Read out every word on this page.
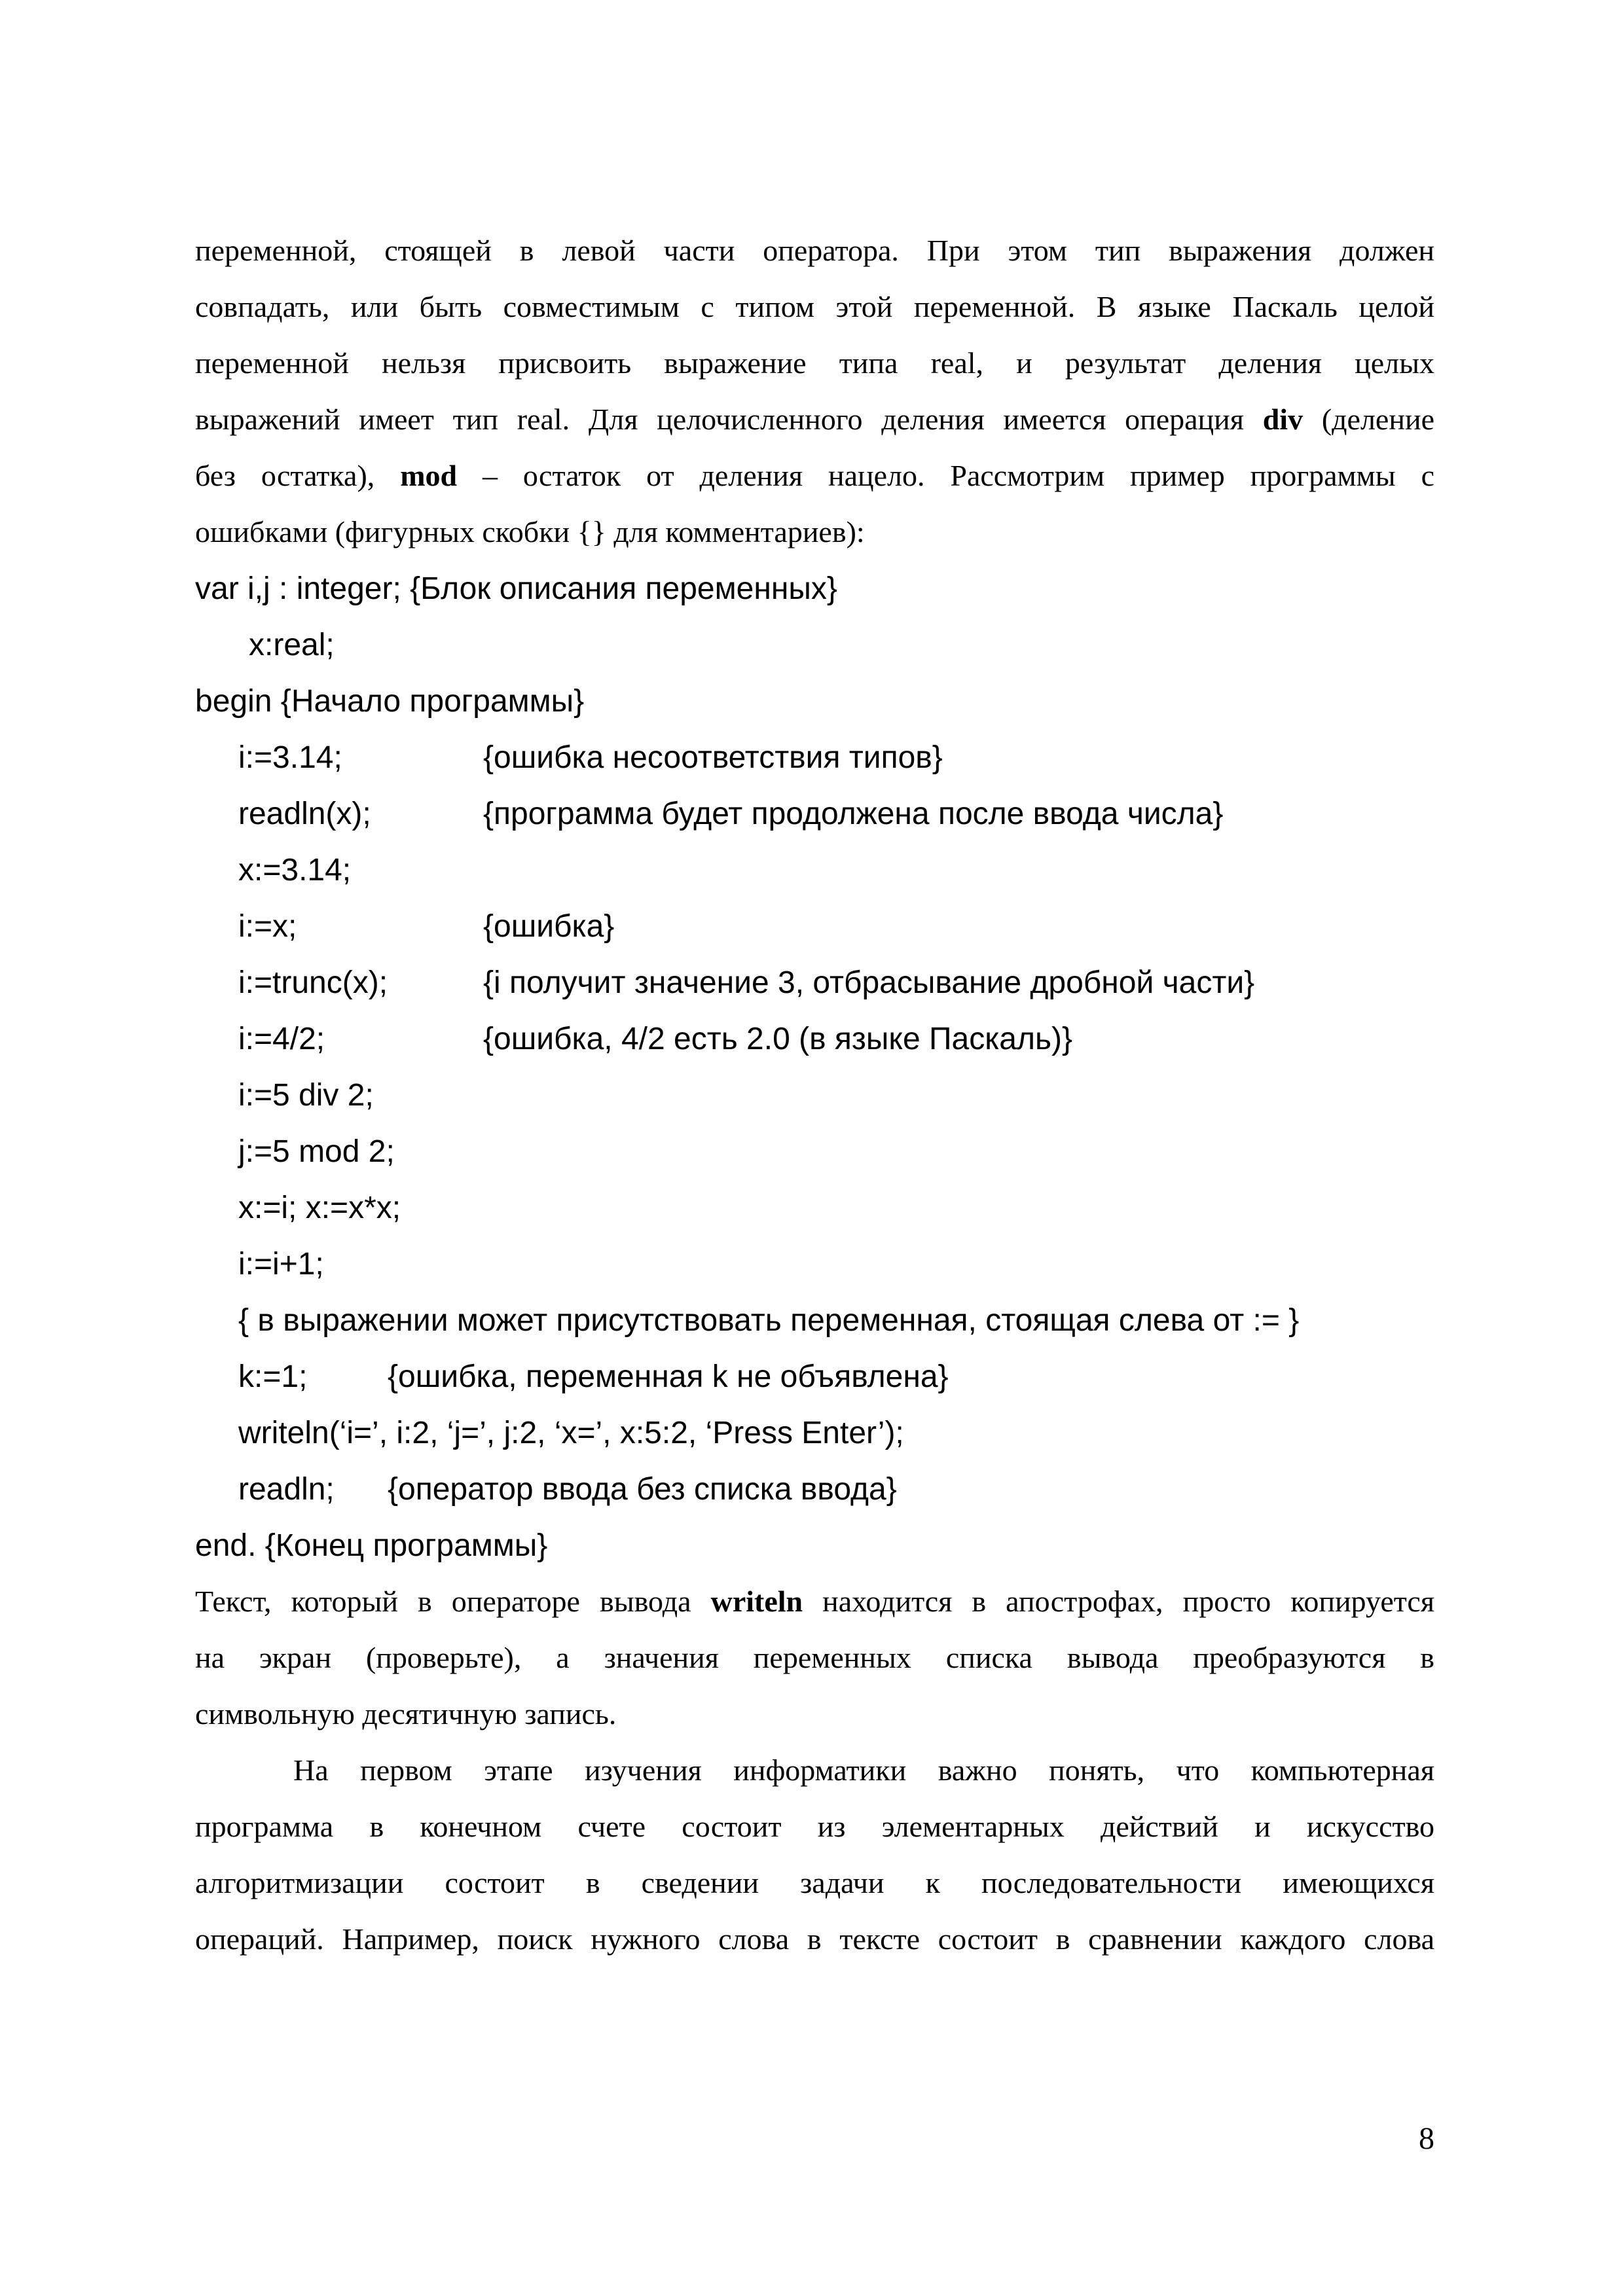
переменной, стоящей в левой части оператора. При этом тип выражения должен
совпадать, или быть совместимым с типом этой переменной. В языке Паскаль целой
переменной нельзя присвоить выражение типа real, и результат деления целых
выражений имеет тип real. Для целочисленного деления имеется операция div (деление
без остатка), mod – остаток от деления нацело. Рассмотрим пример программы с
ошибками (фигурных скобки {} для комментариев):
var i,j : integer; {Блок описания переменных}
x:real;
begin {Начало программы}
i:=3.14;	{ошибка несоответствия типов}
readln(x);	{программа будет продолжена после ввода числа}
x:=3.14;
i:=x;	{ошибка}
i:=trunc(x);	{i получит значение 3, отбрасывание дробной части}
i:=4/2;	{ошибка, 4/2 есть 2.0 (в языке Паскаль)}
i:=5 div 2;
j:=5 mod 2;
x:=i; x:=x*x;
i:=i+1;
{ в выражении может присутствовать переменная, стоящая слева от := }
k:=1;	{ошибка, переменная k не объявлена}
writeln(‘i=’, i:2, ‘j=’, j:2, ‘x=’, x:5:2, ‘Press Enter’);
readln; {оператор ввода без списка ввода}
end. {Конец программы}
Текст, который в операторе вывода writeln находится в апострофах, просто копируется
на экран (проверьте), а значения переменных списка вывода преобразуются в
символьную десятичную запись.
На первом этапе изучения информатики важно понять, что компьютерная
программа в конечном счете состоит из элементарных действий и искусство
алгоритмизации состоит в сведении задачи к последовательности имеющихся
операций. Например, поиск нужного слова в тексте состоит в сравнении каждого слова
8
